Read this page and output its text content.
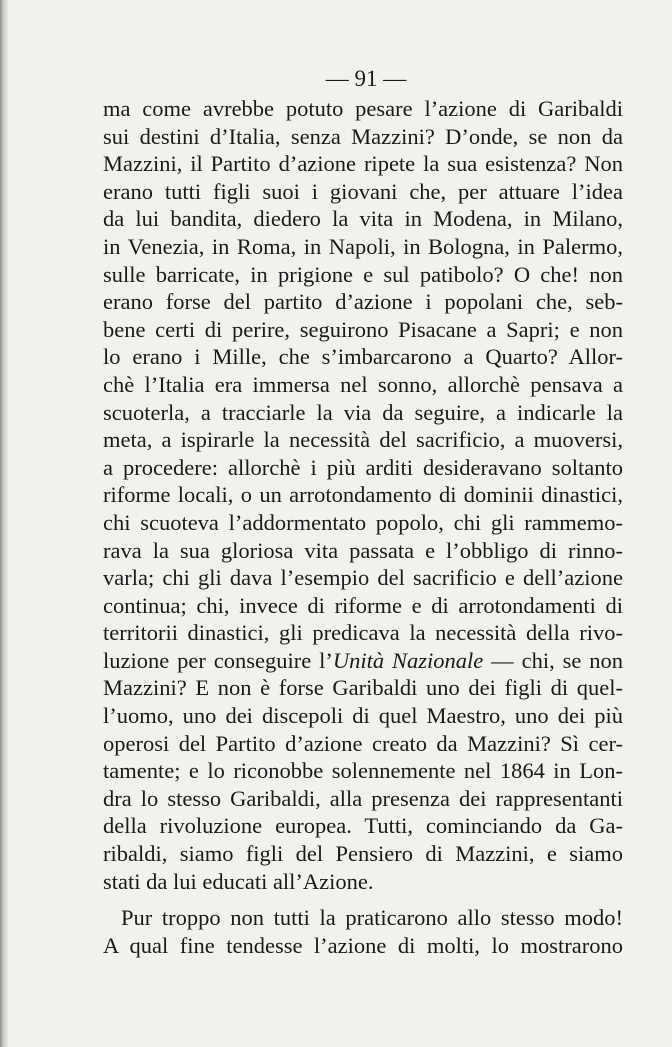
— 91 —
ma come avrebbe potuto pesare l’azione di Garibaldi
sui destini d’Italia, senza Mazzini? D’onde, se non da
Mazzini, il Partito d’azione ripete la sua esistenza? Non
erano tutti figli suoi i giovani che, per attuare l’idea
da lui bandita, diedero la vita in Modena, in Milano,
in Venezia, in Roma, in Napoli, in Bologna, in Palermo,
sulle barricate, in prigione e sul patibolo? O che! non
erano forse del partito d’azione i popolani che, seb-
bene certi di perire, seguirono Pisacane a Sapri; e non
lo erano i Mille, che s’imbarcarono a Quarto? Allor-
chè l’Italia era immersa nel sonno, allorchè pensava a
scuoterla, a tracciarle la via da seguire, a indicarle la
meta, a ispirarle la necessità del sacrificio, a muoversi,
a procedere: allorchè i più arditi desideravano soltanto
riforme locali, o un arrotondamento di dominii dinastici,
chi scuoteva l’addormentato popolo, chi gli rammemo-
rava la sua gloriosa vita passata e l’obbligo di rinno-
varla; chi gli dava l’esempio del sacrificio e dell’azione
continua; chi, invece di riforme e di arrotondamenti di
territorii dinastici, gli predicava la necessità della rivo-
luzione per conseguire l’Unità Nazionale — chi, se non
Mazzini? E non è forse Garibaldi uno dei figli di quel-
l’uomo, uno dei discepoli di quel Maestro, uno dei più
operosi del Partito d’azione creato da Mazzini? Sì cer-
tamente; e lo riconobbe solennemente nel 1864 in Lon-
dra lo stesso Garibaldi, alla presenza dei rappresentanti
della rivoluzione europea. Tutti, cominciando da Ga-
ribaldi, siamo figli del Pensiero di Mazzini, e siamo
stati da lui educati all’Azione.
Pur troppo non tutti la praticarono allo stesso modo!
A qual fine tendesse l’azione di molti, lo mostrarono
